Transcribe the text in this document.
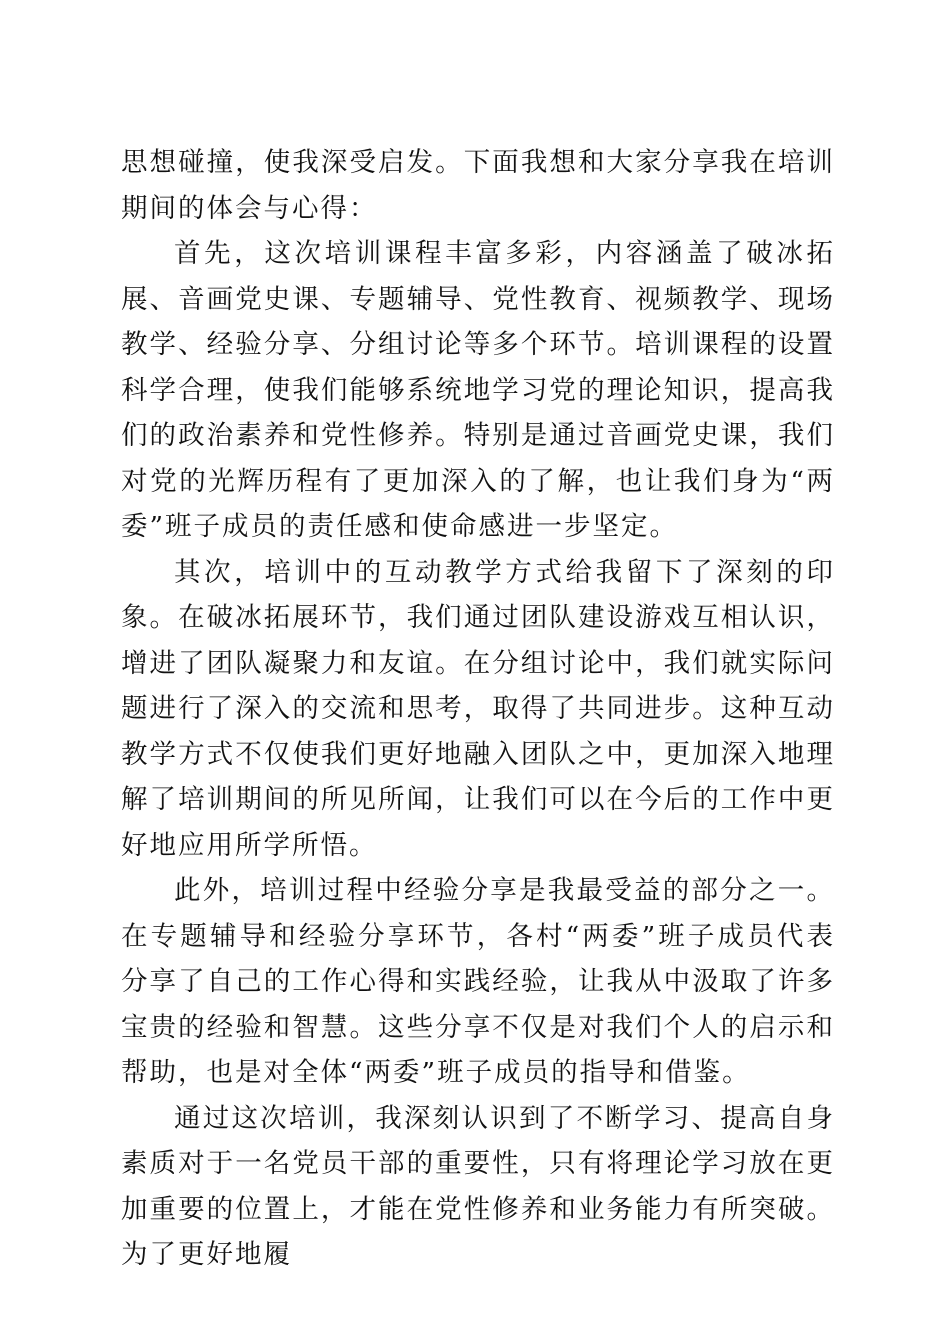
思想碰撞，使我深受启发。下面我想和大家分享我在培训期间的体会与心得：

首先，这次培训课程丰富多彩，内容涵盖了破冰拓展、音画党史课、专题辅导、党性教育、视频教学、现场教学、经验分享、分组讨论等多个环节。培训课程的设置科学合理，使我们能够系统地学习党的理论知识，提高我们的政治素养和党性修养。特别是通过音画党史课，我们对党的光辉历程有了更加深入的了解，也让我们身为“两委”班子成员的责任感和使命感进一步坚定。

其次，培训中的互动教学方式给我留下了深刻的印象。在破冰拓展环节，我们通过团队建设游戏互相认识，增进了团队凝聚力和友谊。在分组讨论中，我们就实际问题进行了深入的交流和思考，取得了共同进步。这种互动教学方式不仅使我们更好地融入团队之中，更加深入地理解了培训期间的所见所闻，让我们可以在今后的工作中更好地应用所学所悟。

此外，培训过程中经验分享是我最受益的部分之一。在专题辅导和经验分享环节，各村“两委”班子成员代表分享了自己的工作心得和实践经验，让我从中汲取了许多宝贵的经验和智慧。这些分享不仅是对我们个人的启示和帮助，也是对全体“两委”班子成员的指导和借鉴。

通过这次培训，我深刻认识到了不断学习、提高自身素质对于一名党员干部的重要性，只有将理论学习放在更加重要的位置上，才能在党性修养和业务能力有所突破。为了更好地履
